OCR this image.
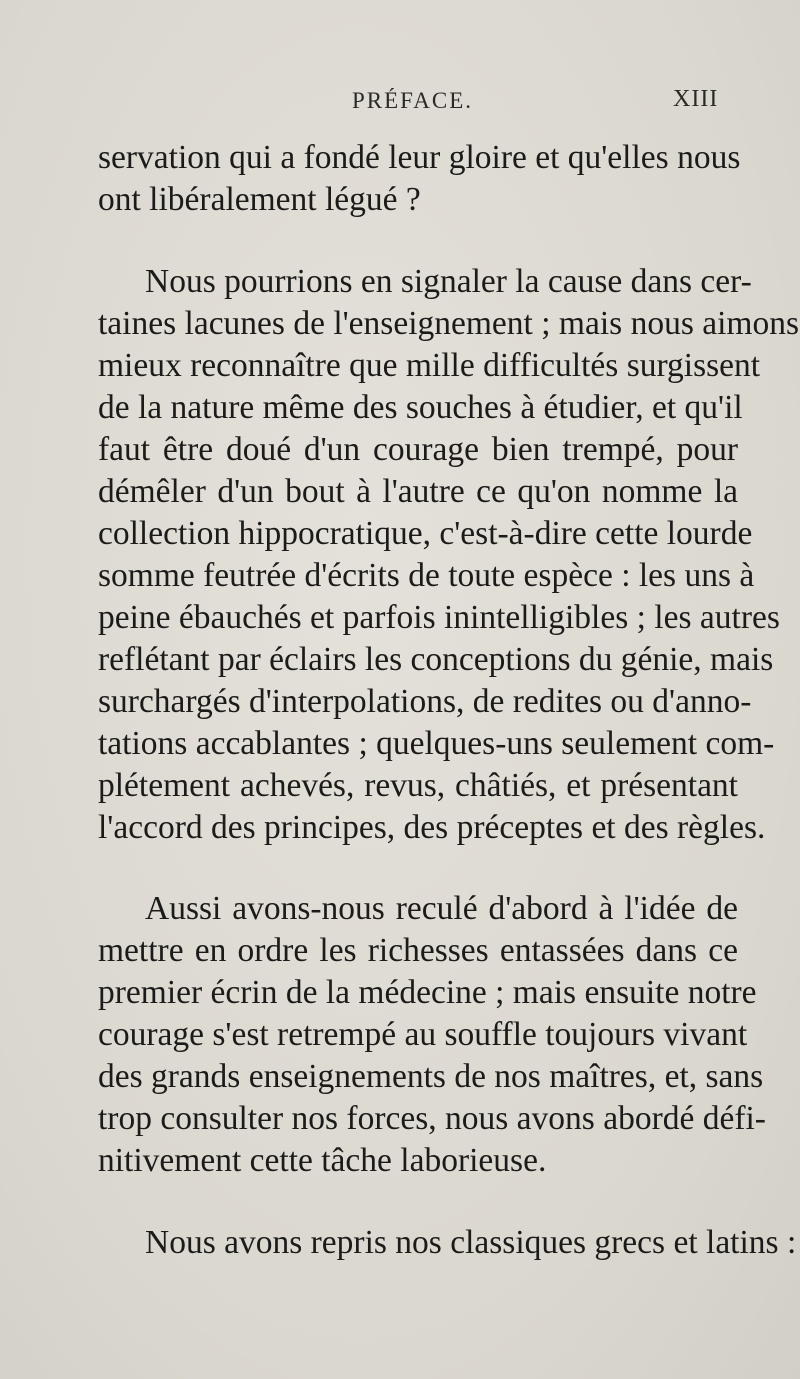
PRÉFACE.	XIII
servation qui a fondé leur gloire et qu'elles nous
ont libéralement légué ?
Nous pourrions en signaler la cause dans cer-
taines lacunes de l'enseignement ; mais nous aimons
mieux reconnaître que mille difficultés surgissent
de la nature même des souches à étudier, et qu'il
faut être doué d'un courage bien trempé, pour
démêler d'un bout à l'autre ce qu'on nomme la
collection hippocratique, c'est-à-dire cette lourde
somme feutrée d'écrits de toute espèce : les uns à
peine ébauchés et parfois inintelligibles ; les autres
reflétant par éclairs les conceptions du génie, mais
surchargés d'interpolations, de redites ou d'anno-
tations accablantes ; quelques-uns seulement com-
plétement achevés, revus, châtiés, et présentant
l'accord des principes, des préceptes et des règles.
Aussi avons-nous reculé d'abord à l'idée de
mettre en ordre les richesses entassées dans ce
premier écrin de la médecine ; mais ensuite notre
courage s'est retrempé au souffle toujours vivant
des grands enseignements de nos maîtres, et, sans
trop consulter nos forces, nous avons abordé défi-
nitivement cette tâche laborieuse.
Nous avons repris nos classiques grecs et latins :
